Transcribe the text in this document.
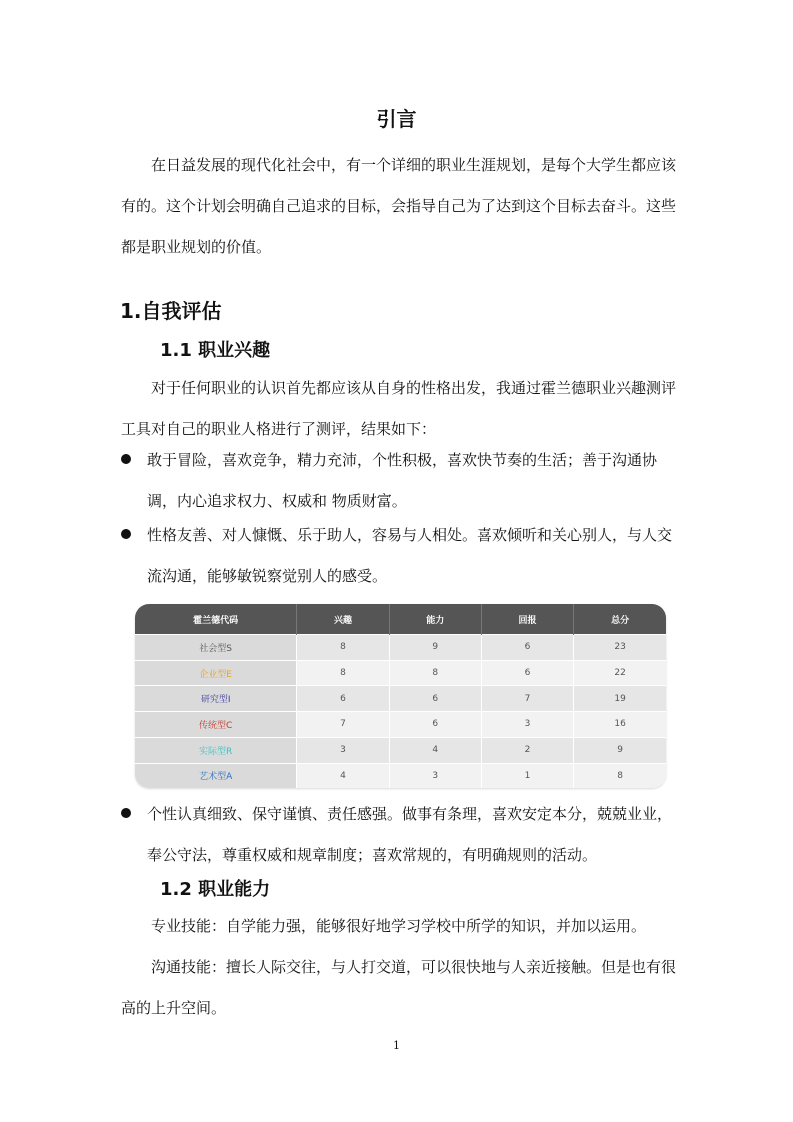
引言

在日益发展的现代化社会中，有一个详细的职业生涯规划，是每个大学生都应该有的。这个计划会明确自己追求的目标，会指导自己为了达到这个目标去奋斗。这些都是职业规划的价值。

1.自我评估
1.1 职业兴趣

对于任何职业的认识首先都应该从自身的性格出发，我通过霍兰德职业兴趣测评工具对自己的职业人格进行了测评，结果如下：

敢于冒险，喜欢竞争，精力充沛，个性积极，喜欢快节奏的生活；善于沟通协调，内心追求权力、权威和 物质财富。
性格友善、对人慷慨、乐于助人，容易与人相处。喜欢倾听和关心别人，与人交流沟通，能够敏锐察觉别人的感受。
霍兰德代码	兴趣	能力	回报	总分
社会型S	8	9	6	23
企业型E	8	8	6	22
研究型I	6	6	7	19
传统型C	7	6	3	16
实际型R	3	4	2	9
艺术型A	4	3	1	8
个性认真细致、保守谨慎、责任感强。做事有条理，喜欢安定本分，兢兢业业，奉公守法，尊重权威和规章制度；喜欢常规的，有明确规则的活动。
1.2 职业能力

专业技能：自学能力强，能够很好地学习学校中所学的知识，并加以运用。

沟通技能：擅长人际交往，与人打交道，可以很快地与人亲近接触。但是也有很高的上升空间。

1
